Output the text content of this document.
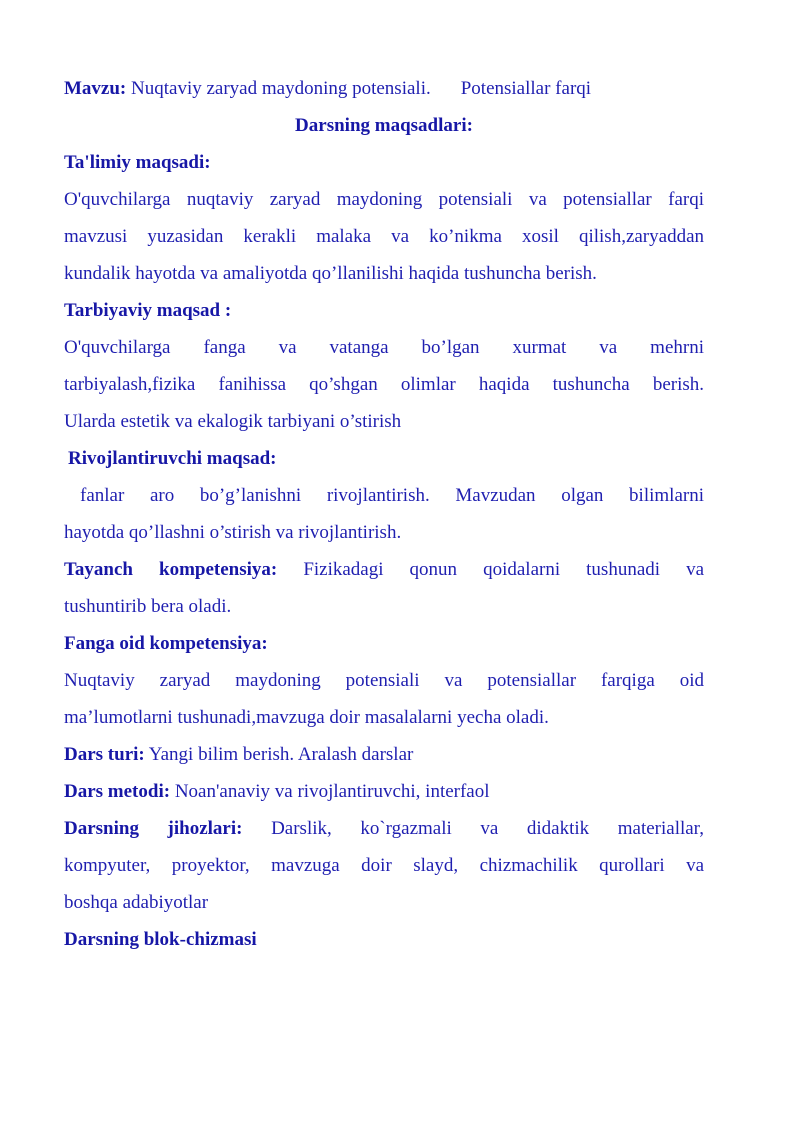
Mavzu: Nuqtaviy zaryad maydoning potensiali. Potensiallar farqi
Darsning maqsadlari:
Ta'limiy maqsadi:
O'quvchilarga nuqtaviy zaryad maydoning potensiali va potensiallar farqi
mavzusi yuzasidan kerakli malaka va ko’nikma xosil qilish,zaryaddan
kundalik hayotda va amaliyotda qo’llanilishi haqida tushuncha berish.
Tarbiyaviy maqsad :
O'quvchilarga fanga va vatanga bo’lgan xurmat va mehrni
tarbiyalash,fizika fanihissa qo’shgan olimlar haqida tushuncha berish.
Ularda estetik va ekalogik tarbiyani o’stirish
Rivojlantiruvchi maqsad:
fanlar aro bo’g’lanishni rivojlantirish. Mavzudan olgan bilimlarni
hayotda qo’llashni o’stirish va rivojlantirish.
Tayanch kompetensiya: Fizikadagi qonun qoidalarni tushunadi va
tushuntirib bera oladi.
Fanga oid kompetensiya:
Nuqtaviy zaryad maydoning potensiali va potensiallar farqiga oid
ma’lumotlarni tushunadi,mavzuga doir masalalarni yecha oladi.
Dars turi: Yangi bilim berish. Aralash darslar
Dars metodi: Noan'anaviy va rivojlantiruvchi, interfaol
Darsning jihozlari: Darslik, ko`rgazmali va didaktik materiallar,
kompyuter, proyektor, mavzuga doir slayd, chizmachilik qurollari va
boshqa adabiyotlar
Darsning blok-chizmasi
